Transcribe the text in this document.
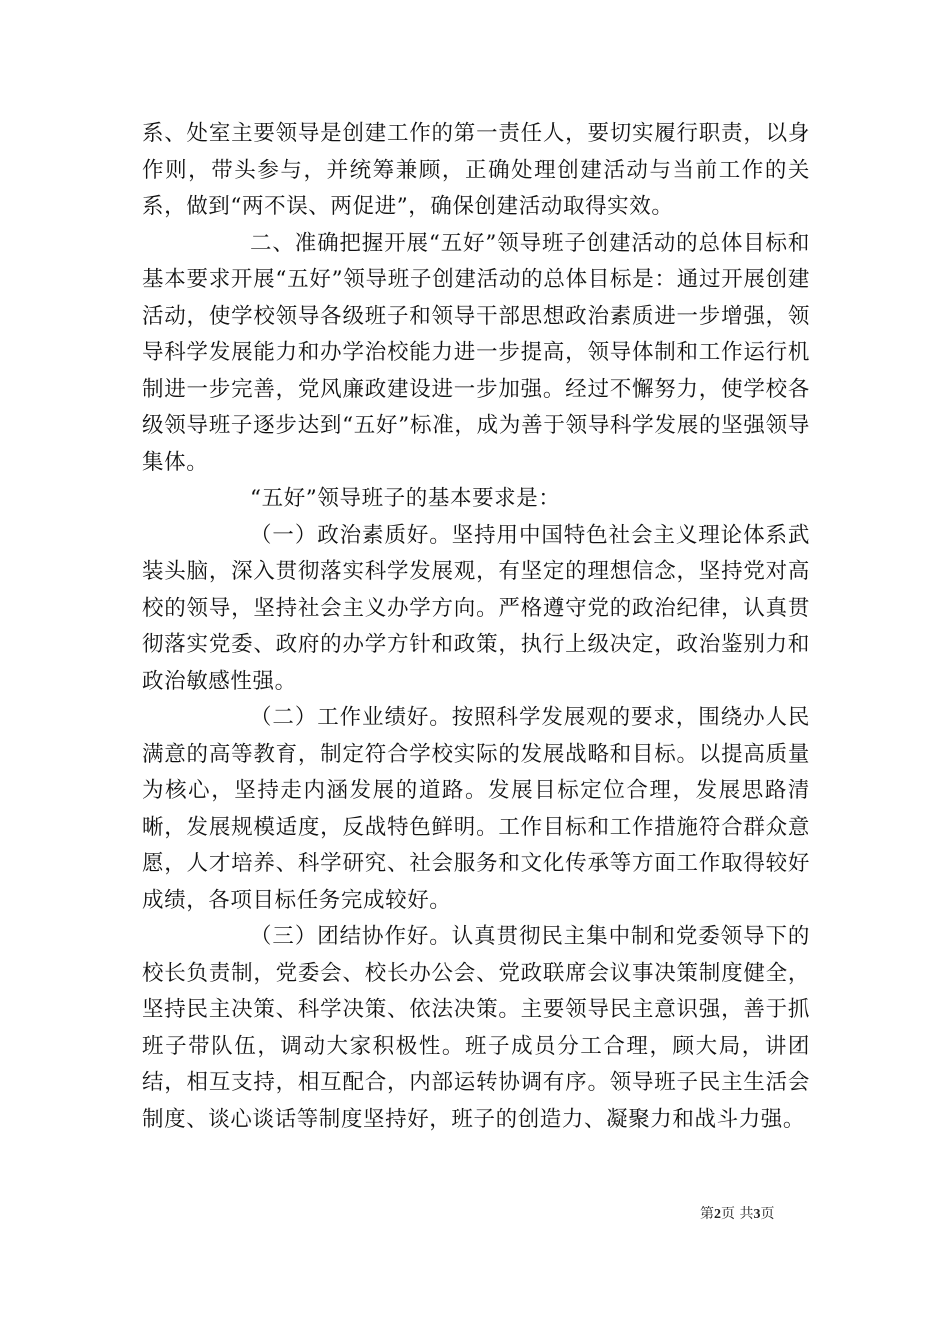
系、处室主要领导是创建工作的第一责任人，要切实履行职责，以身作则，带头参与，并统筹兼顾，正确处理创建活动与当前工作的关系，做到“两不误、两促进”，确保创建活动取得实效。

二、准确把握开展“五好”领导班子创建活动的总体目标和基本要求开展“五好”领导班子创建活动的总体目标是：通过开展创建活动，使学校领导各级班子和领导干部思想政治素质进一步增强，领导科学发展能力和办学治校能力进一步提高，领导体制和工作运行机制进一步完善，党风廉政建设进一步加强。经过不懈努力，使学校各级领导班子逐步达到“五好”标准，成为善于领导科学发展的坚强领导集体。

“五好”领导班子的基本要求是：

（一）政治素质好。坚持用中国特色社会主义理论体系武装头脑，深入贯彻落实科学发展观，有坚定的理想信念，坚持党对高校的领导，坚持社会主义办学方向。严格遵守党的政治纪律，认真贯彻落实党委、政府的办学方针和政策，执行上级决定，政治鉴别力和政治敏感性强。

（二）工作业绩好。按照科学发展观的要求，围绕办人民满意的高等教育，制定符合学校实际的发展战略和目标。以提高质量为核心，坚持走内涵发展的道路。发展目标定位合理，发展思路清晰，发展规模适度，反战特色鲜明。工作目标和工作措施符合群众意愿，人才培养、科学研究、社会服务和文化传承等方面工作取得较好成绩，各项目标任务完成较好。

（三）团结协作好。认真贯彻民主集中制和党委领导下的校长负责制，党委会、校长办公会、党政联席会议事决策制度健全，坚持民主决策、科学决策、依法决策。主要领导民主意识强，善于抓班子带队伍，调动大家积极性。班子成员分工合理，顾大局，讲团结，相互支持，相互配合，内部运转协调有序。领导班子民主生活会制度、谈心谈话等制度坚持好，班子的创造力、凝聚力和战斗力强。

第2页 共3页
